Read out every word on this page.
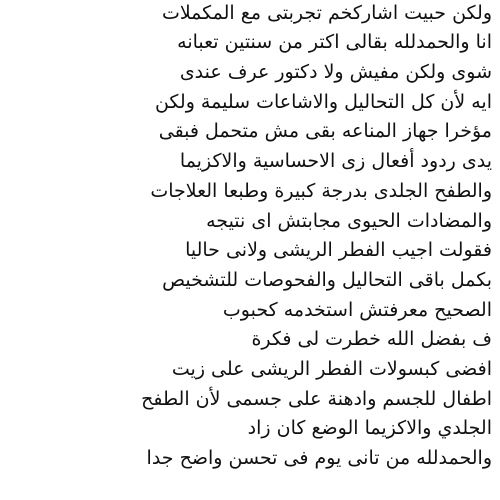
ولكن حبيت اشاركخم تجربتى مع المكملات
انا والحمدلله بقالى اكتر من سنتين تعبانه
شوى ولكن مفيش ولا دكتور عرف عندى
ايه لأن كل التحاليل والاشاعات سليمة ولكن
مؤخرا جهاز المناعه بقى مش متحمل فبقى
يدى ردود أفعال زى الاحساسية والاكزيما
والطفح الجلدى بدرجة كبيرة وطبعا العلاجات
والمضادات الحيوى مجابتش اى نتيجه
فقولت اجيب الفطر الريشى ولانى حاليا
بكمل باقى التحاليل والفحوصات للتشخيص
الصحيح معرفتش استخدمه كحبوب
ف بفضل الله خطرت لى فكرة
افضى كبسولات الفطر الريشى على زيت
اطفال للجسم وادهنة على جسمى لأن الطفح
الجلدي والاكزيما الوضع كان زاد
والحمدلله من تانى يوم فى تحسن واضح جدا
